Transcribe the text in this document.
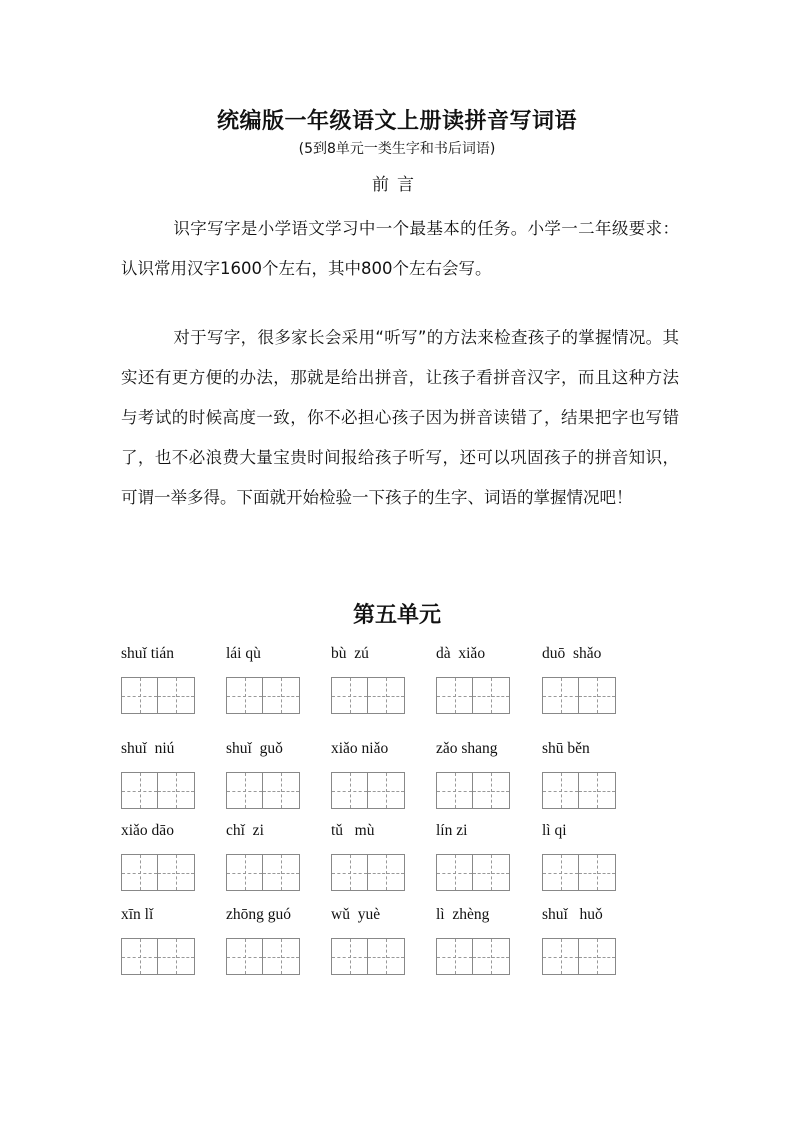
统编版一年级语文上册读拼音写词语
(5到8单元一类生字和书后词语)
前言
识字写字是小学语文学习中一个最基本的任务。小学一二年级要求：认识常用汉字1600个左右，其中800个左右会写。
对于写字，很多家长会采用“听写”的方法来检查孩子的掌握情况。其实还有更方便的办法，那就是给出拼音，让孩子看拼音汉字，而且这种方法与考试的时候高度一致，你不必担心孩子因为拼音读错了，结果把字也写错了，也不必浪费大量宝贵时间报给孩子听写，还可以巩固孩子的拼音知识，可谓一举多得。下面就开始检验一下孩子的生字、词语的掌握情况吧！
第五单元
shuǐ tián	lái qù	bù  zú	dà  xiǎo	duō  shǎo
shuǐ  niú	shuǐ  guǒ	xiǎo niǎo	zǎo shang	shū běn
xiǎo dāo	chǐ  zi	tǔ   mù	lín zi	lì qi
xīn lǐ	zhōng guó	wǔ  yuè	lì  zhèng	shuǐ   huǒ
